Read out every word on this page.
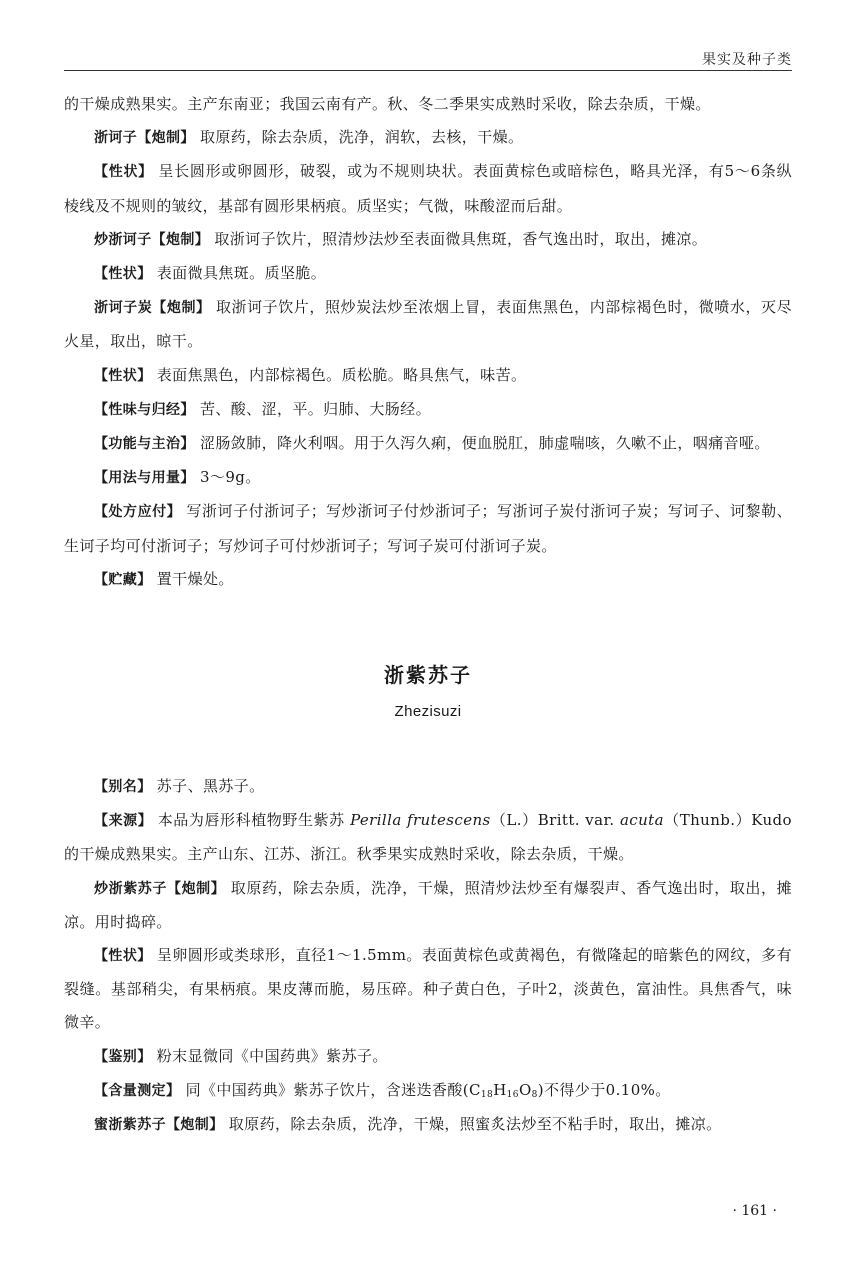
果实及种子类

的干燥成熟果实。主产东南亚；我国云南有产。秋、冬二季果实成熟时采收，除去杂质，干燥。

浙诃子【炮制】 取原药，除去杂质，洗净，润软，去核，干燥。

【性状】 呈长圆形或卵圆形，破裂，或为不规则块状。表面黄棕色或暗棕色，略具光泽，有5～6条纵棱线及不规则的皱纹，基部有圆形果柄痕。质坚实；气微，味酸涩而后甜。

炒浙诃子【炮制】 取浙诃子饮片，照清炒法炒至表面微具焦斑，香气逸出时，取出，摊凉。

【性状】 表面微具焦斑。质坚脆。

浙诃子炭【炮制】 取浙诃子饮片，照炒炭法炒至浓烟上冒，表面焦黑色，内部棕褐色时，微喷水，灭尽火星，取出，晾干。

【性状】 表面焦黑色，内部棕褐色。质松脆。略具焦气，味苦。

【性味与归经】 苦、酸、涩，平。归肺、大肠经。

【功能与主治】 涩肠敛肺，降火利咽。用于久泻久痢，便血脱肛，肺虚喘咳，久嗽不止，咽痛音哑。

【用法与用量】 3～9g。

【处方应付】 写浙诃子付浙诃子；写炒浙诃子付炒浙诃子；写浙诃子炭付浙诃子炭；写诃子、诃黎勒、生诃子均可付浙诃子；写炒诃子可付炒浙诃子；写诃子炭可付浙诃子炭。

【贮藏】 置干燥处。

浙紫苏子
Zhezisuzi

【别名】 苏子、黑苏子。

【来源】 本品为唇形科植物野生紫苏 Perilla frutescens（L.）Britt. var. acuta（Thunb.）Kudo 的干燥成熟果实。主产山东、江苏、浙江。秋季果实成熟时采收，除去杂质，干燥。

炒浙紫苏子【炮制】 取原药，除去杂质，洗净，干燥，照清炒法炒至有爆裂声、香气逸出时，取出，摊凉。用时捣碎。

【性状】 呈卵圆形或类球形，直径1～1.5mm。表面黄棕色或黄褐色，有微隆起的暗紫色的网纹，多有裂缝。基部稍尖，有果柄痕。果皮薄而脆，易压碎。种子黄白色，子叶2，淡黄色，富油性。具焦香气，味微辛。

【鉴别】 粉末显微同《中国药典》紫苏子。

【含量测定】 同《中国药典》紫苏子饮片，含迷迭香酸$(C_{18}H_{16}O_8)$不得少于0.10%。

蜜浙紫苏子【炮制】 取原药，除去杂质，洗净，干燥，照蜜炙法炒至不粘手时，取出，摊凉。

· 161 ·
